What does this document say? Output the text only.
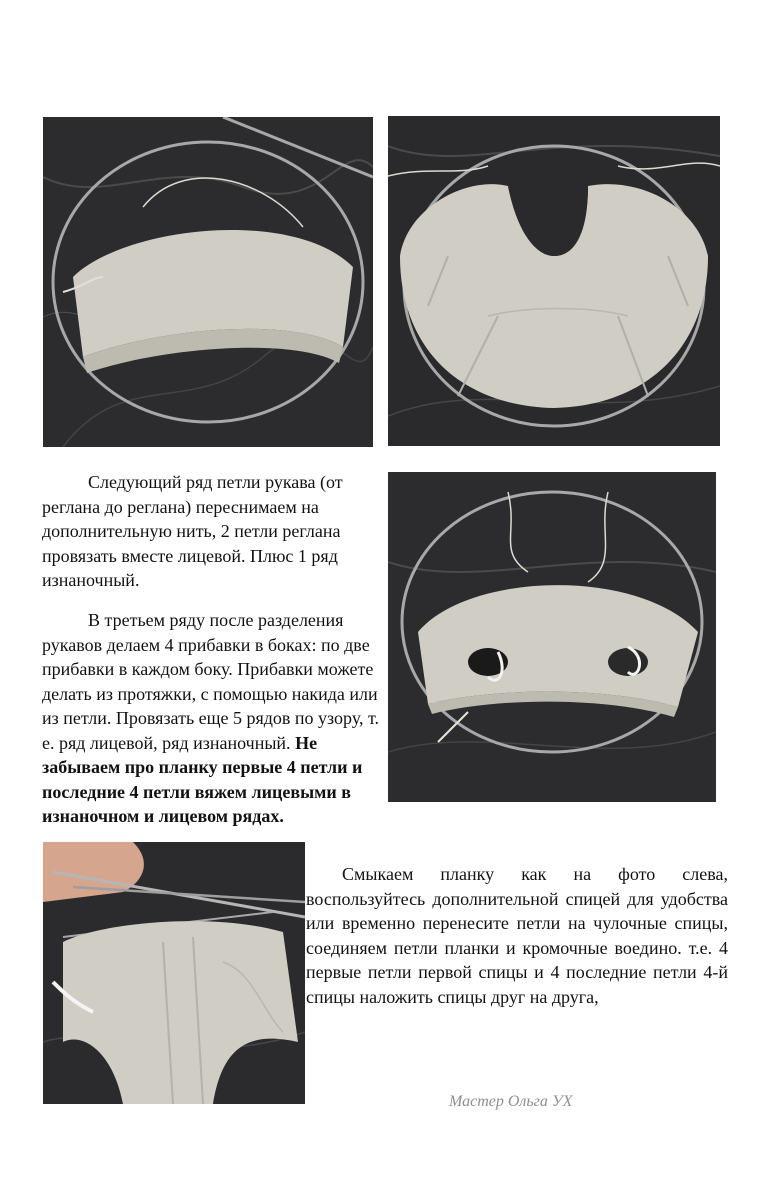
Следующий ряд петли рукава (от реглана до реглана) переснимаем на дополнительную нить, 2 петли реглана провязать вместе лицевой. Плюс 1 ряд изнаночный.

В третьем ряду после разделения рукавов делаем 4 прибавки в боках: по две прибавки в каждом боку. Прибавки можете делать из протяжки, с помощью накида или из петли. Провязать еще 5 рядов по узору, т. е. ряд лицевой, ряд изнаночный. Не забываем про планку первые 4 петли и последние 4 петли вяжем лицевыми в изнаночном и лицевом рядах.

Смыкаем планку как на фото слева, воспользуйтесь дополнительной спицей для удобства или временно перенесите петли на чулочные спицы, соединяем петли планки и кромочные воедино. т.е. 4 первые петли первой спицы и 4 последние петли 4-й спицы наложить спицы друг на друга,

Мастер Ольга УХ
